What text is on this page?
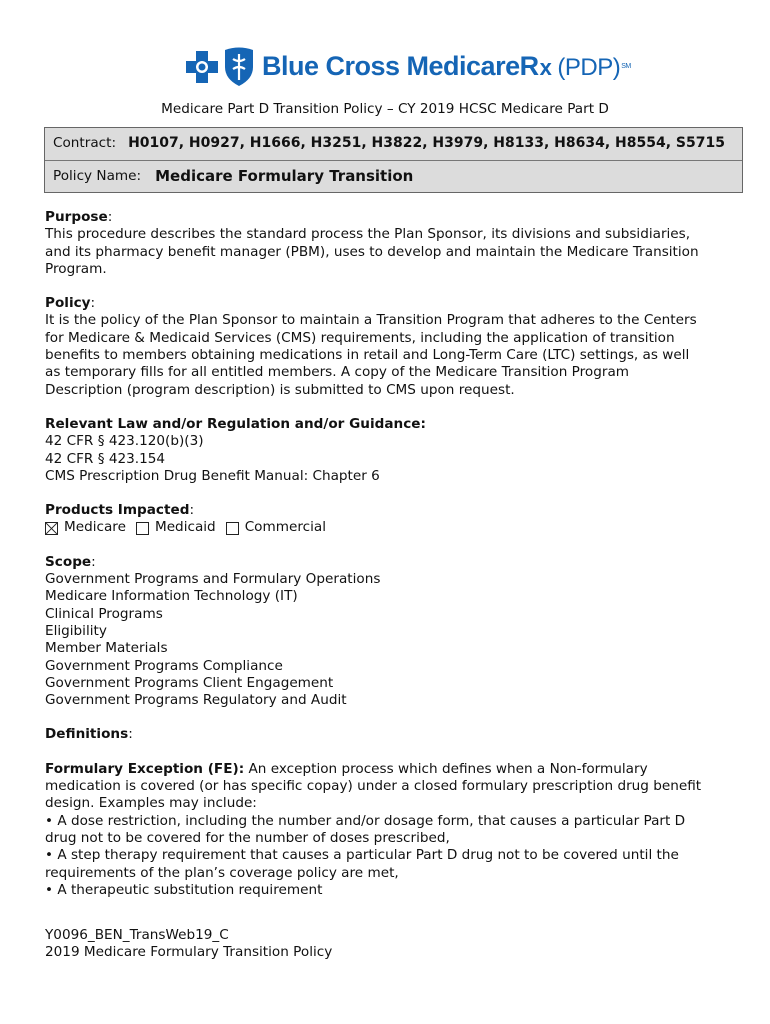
Blue Cross MedicareR x (PDP) SM
Medicare Part D Transition Policy – CY 2019 HCSC Medicare Part D
Contract: H0107, H0927, H1666, H3251, H3822, H3979, H8133, H8634, H8554, S5715
Policy Name: Medicare Formulary Transition

Purpose:

This procedure describes the standard process the Plan Sponsor, its divisions and subsidiaries,

and its pharmacy benefit manager (PBM), uses to develop and maintain the Medicare Transition

Program.

Policy:

It is the policy of the Plan Sponsor to maintain a Transition Program that adheres to the Centers

for Medicare & Medicaid Services (CMS) requirements, including the application of transition

benefits to members obtaining medications in retail and Long-Term Care (LTC) settings, as well

as temporary fills for all entitled members. A copy of the Medicare Transition Program

Description (program description) is submitted to CMS upon request.

Relevant Law and/or Regulation and/or Guidance:

42 CFR § 423.120(b)(3)

42 CFR § 423.154

CMS Prescription Drug Benefit Manual: Chapter 6

Products Impacted:

Medicare Medicaid Commercial

Scope:

Government Programs and Formulary Operations

Medicare Information Technology (IT)

Clinical Programs

Eligibility

Member Materials

Government Programs Compliance

Government Programs Client Engagement

Government Programs Regulatory and Audit

Definitions:

Formulary Exception (FE): An exception process which defines when a Non-formulary

medication is covered (or has specific copay) under a closed formulary prescription drug benefit

design. Examples may include:

• A dose restriction, including the number and/or dosage form, that causes a particular Part D

drug not to be covered for the number of doses prescribed,

• A step therapy requirement that causes a particular Part D drug not to be covered until the

requirements of the plan’s coverage policy are met,

• A therapeutic substitution requirement

Y0096_BEN_TransWeb19_C
2019 Medicare Formulary Transition Policy
